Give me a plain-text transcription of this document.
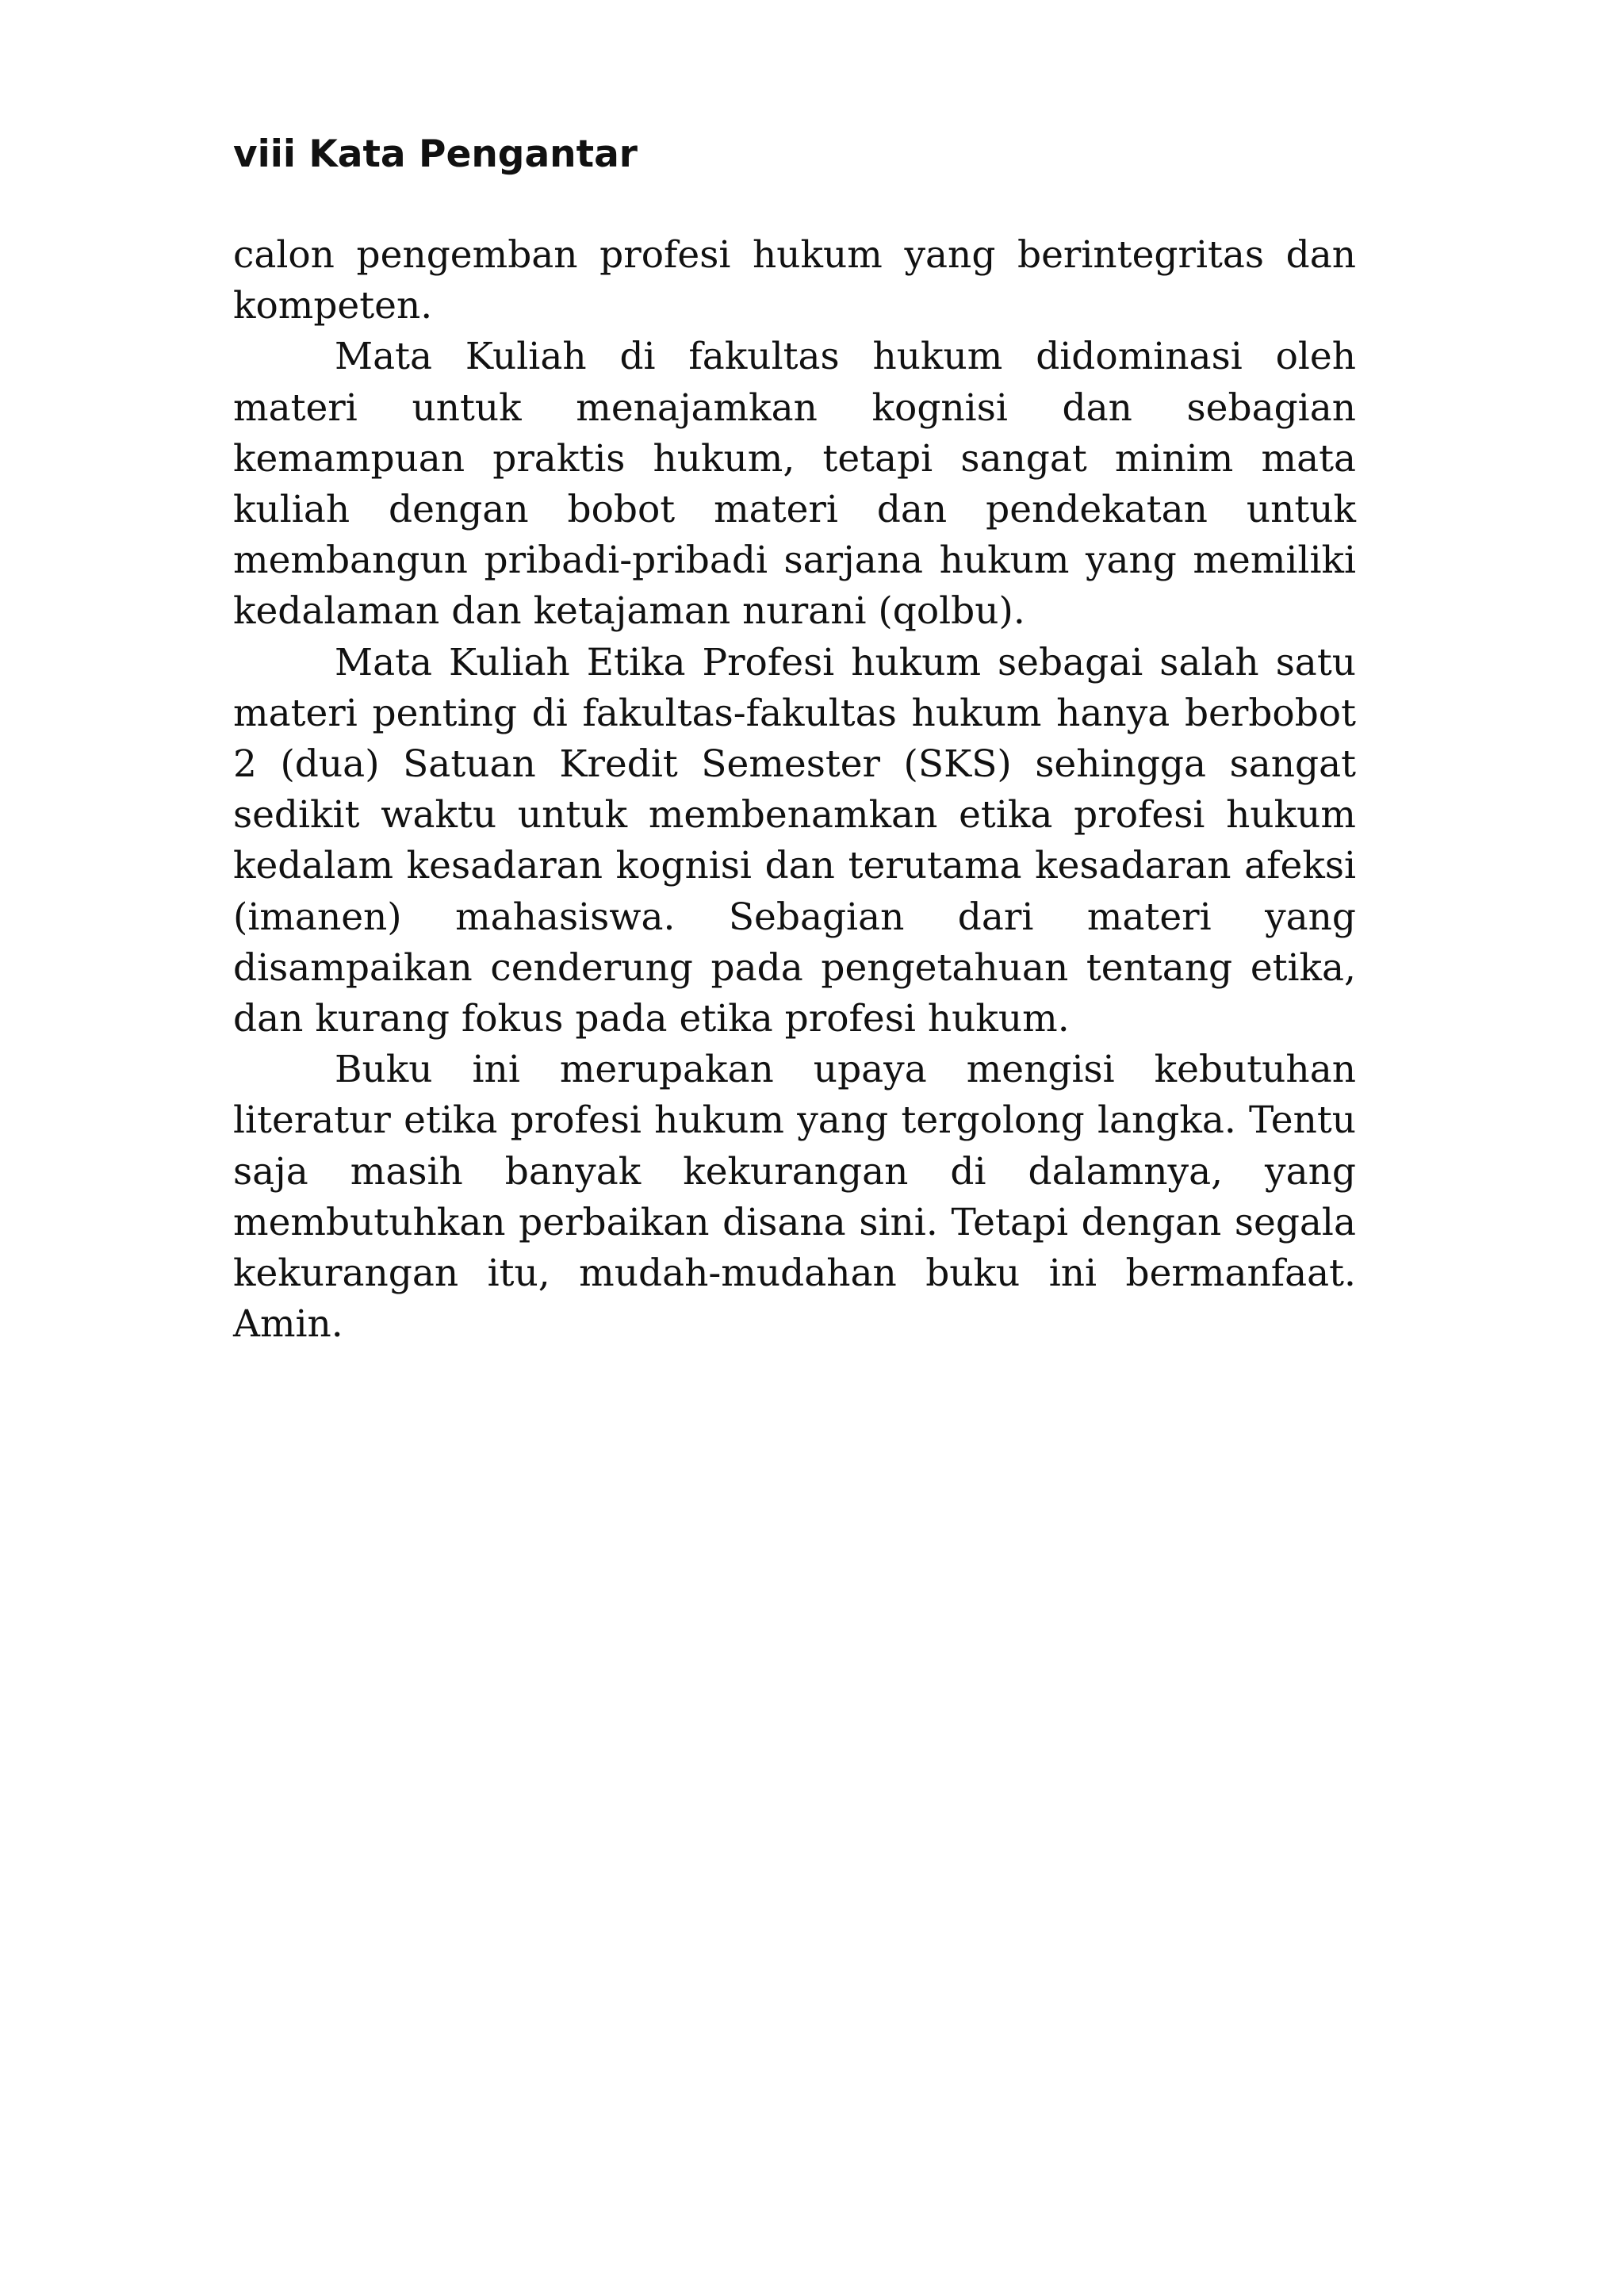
viii Kata Pengantar

calon pengemban profesi hukum yang berintegritas dan kompeten.

Mata Kuliah di fakultas hukum didominasi oleh materi untuk menajamkan kognisi dan sebagian kemampuan praktis hukum, tetapi sangat minim mata kuliah dengan bobot materi dan pendekatan untuk membangun pribadi-pribadi sarjana hukum yang memiliki kedalaman dan ketajaman nurani (qolbu).

Mata Kuliah Etika Profesi hukum sebagai salah satu materi penting di fakultas-fakultas hukum hanya berbobot 2 (dua) Satuan Kredit Semester (SKS) sehingga sangat sedikit waktu untuk membenamkan etika profesi hukum kedalam kesadaran kognisi dan terutama kesadaran afeksi (imanen) mahasiswa. Sebagian dari materi yang disampaikan cenderung pada pengetahuan tentang etika, dan kurang fokus pada etika profesi hukum.

Buku ini merupakan upaya mengisi kebutuhan literatur etika profesi hukum yang tergolong langka. Tentu saja masih banyak kekurangan di dalamnya, yang membutuhkan perbaikan disana sini. Tetapi dengan segala kekurangan itu, mudah-mudahan buku ini bermanfaat. Amin.
